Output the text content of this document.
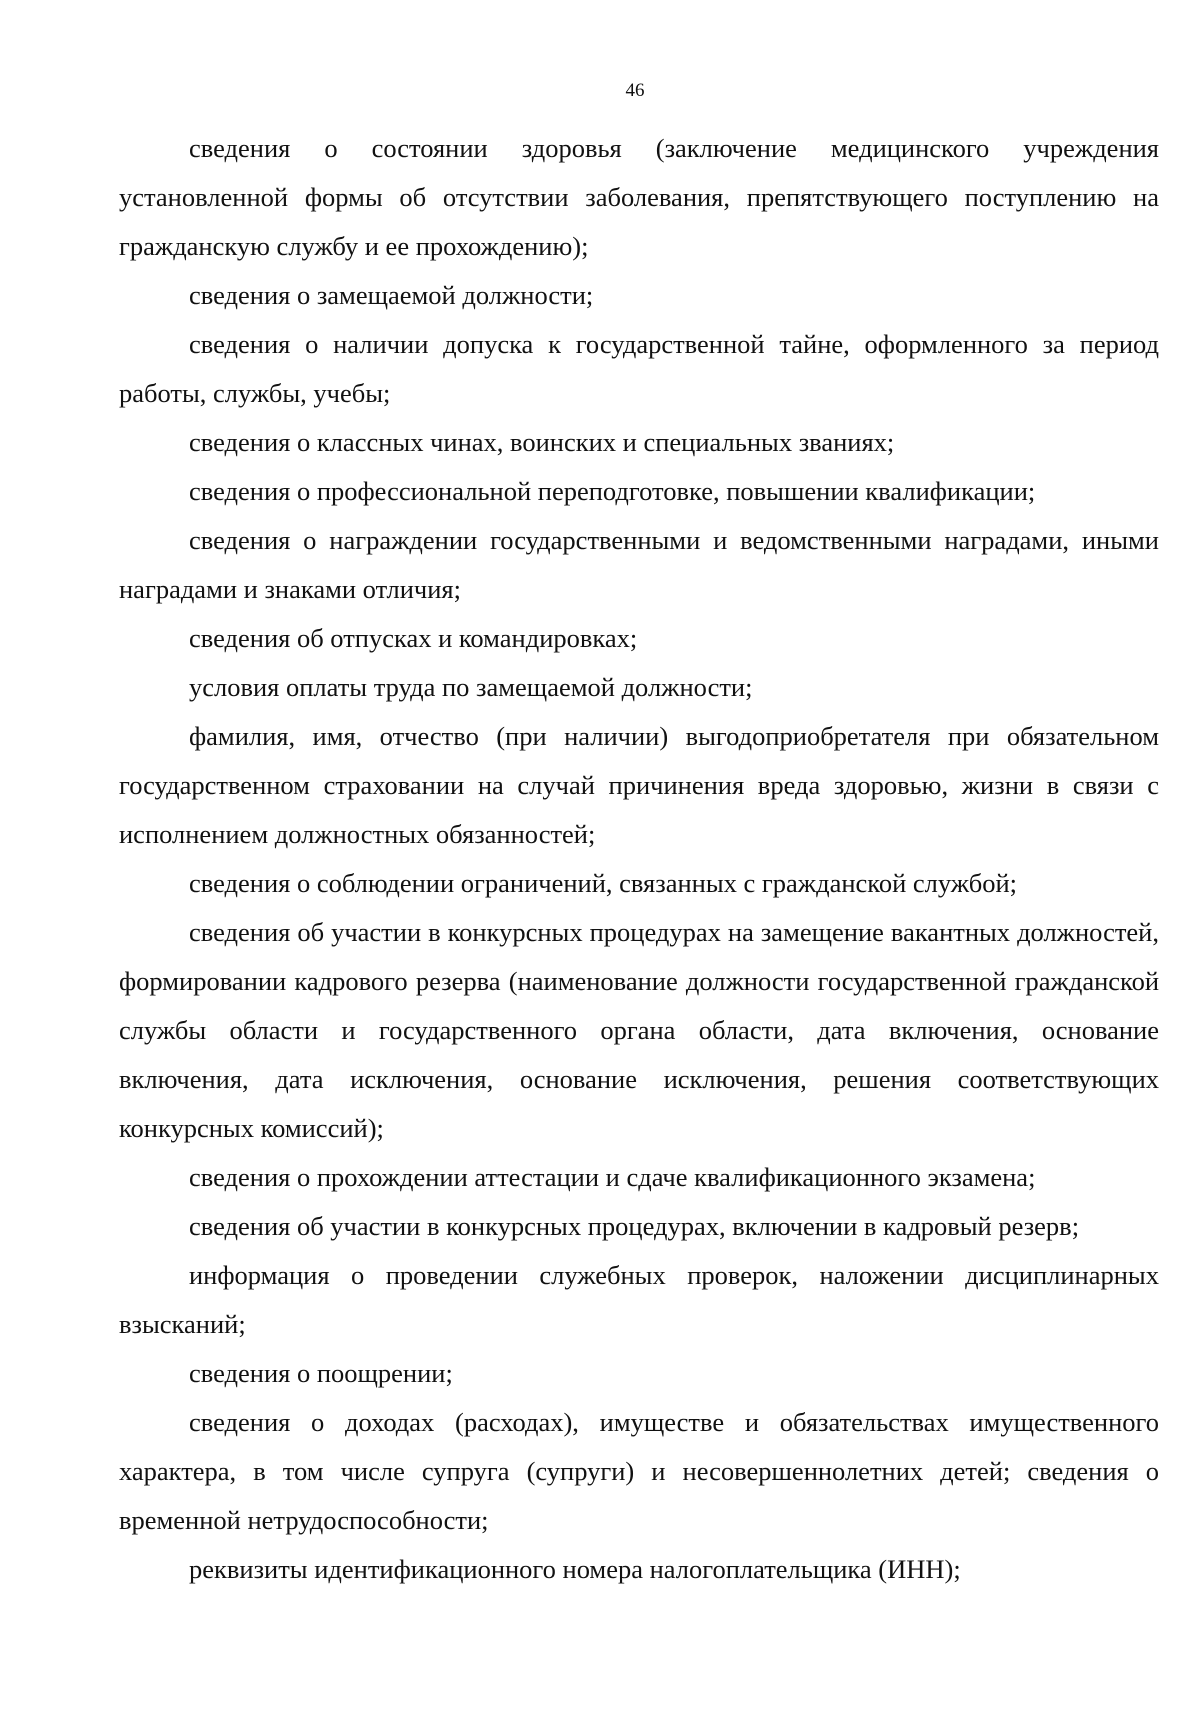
46

сведения о состоянии здоровья (заключение медицинского учреждения установленной формы об отсутствии заболевания, препятствующего поступлению на гражданскую службу и ее прохождению);

сведения о замещаемой должности;

сведения о наличии допуска к государственной тайне, оформленного за период работы, службы, учебы;

сведения о классных чинах, воинских и специальных званиях;

сведения о профессиональной переподготовке, повышении квалификации;

сведения о награждении государственными и ведомственными наградами, иными наградами и знаками отличия;

сведения об отпусках и командировках;

условия оплаты труда по замещаемой должности;

фамилия, имя, отчество (при наличии) выгодоприобретателя при обязательном государственном страховании на случай причинения вреда здоровью, жизни в связи с исполнением должностных обязанностей;

сведения о соблюдении ограничений, связанных с гражданской службой;

сведения об участии в конкурсных процедурах на замещение вакантных должностей, формировании кадрового резерва (наименование должности государственной гражданской службы области и государственного органа области, дата включения, основание включения, дата исключения, основание исключения, решения соответствующих конкурсных комиссий);

сведения о прохождении аттестации и сдаче квалификационного экзамена;

сведения об участии в конкурсных процедурах, включении в кадровый резерв;

информация о проведении служебных проверок, наложении дисциплинарных взысканий;

сведения о поощрении;

сведения о доходах (расходах), имуществе и обязательствах имущественного характера, в том числе супруга (супруги) и несовершеннолетних детей; сведения о временной нетрудоспособности;

реквизиты идентификационного номера налогоплательщика (ИНН);
